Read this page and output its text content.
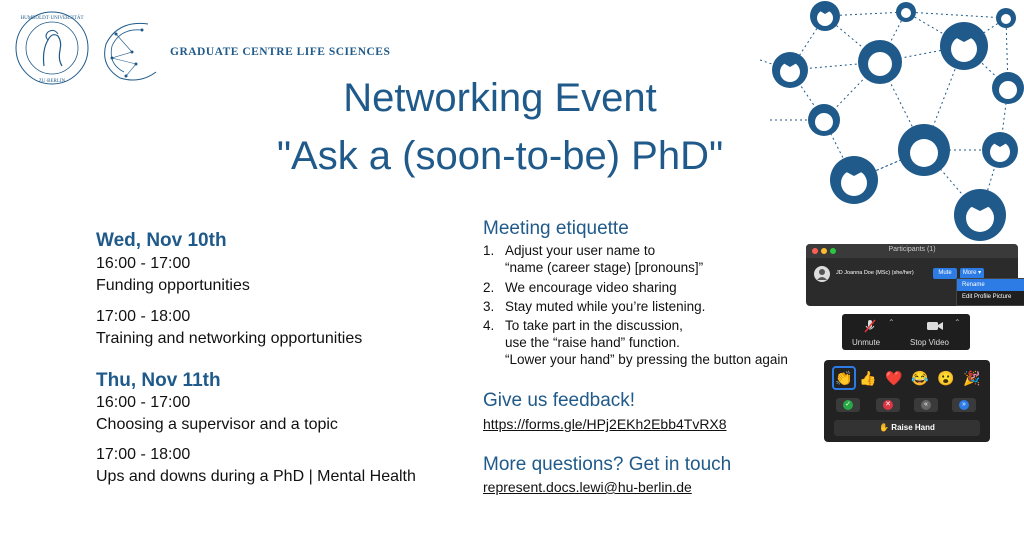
HUMBOLDT·UNIVERSITÄT
ZU·BERLIN
GRADUATE CENTRE LIFE SCIENCES
Networking Event
"Ask a (soon-to-be) PhD"
Wed, Nov 10th
16:00 - 17:00
Funding opportunities
17:00 - 18:00
Training and networking opportunities
Thu, Nov 11th
16:00 - 17:00
Choosing a supervisor and a topic
17:00 - 18:00
Ups and downs during a PhD | Mental Health
Meeting etiquette
1. Adjust your user name to
“name (career stage) [pronouns]”
2. We encourage video sharing
3. Stay muted while you’re listening.
4. To take part in the discussion,
use the “raise hand” function.
“Lower your hand” by pressing the button again
Give us feedback!
https://forms.gle/HPj2EKh2Ebb4TvRX8
More questions? Get in touch
represent.docs.lewi@hu-berlin.de
Participants (1)
JD Joanna Doe (MSc) (she/her)	Mute	More ▾
Rename
Edit Profile Picture
⌃
Unmute
⌃
Stop Video
👏 👍 ❤️ 😂 😮 🎉
✓	✕	«	»
✋ Raise Hand
